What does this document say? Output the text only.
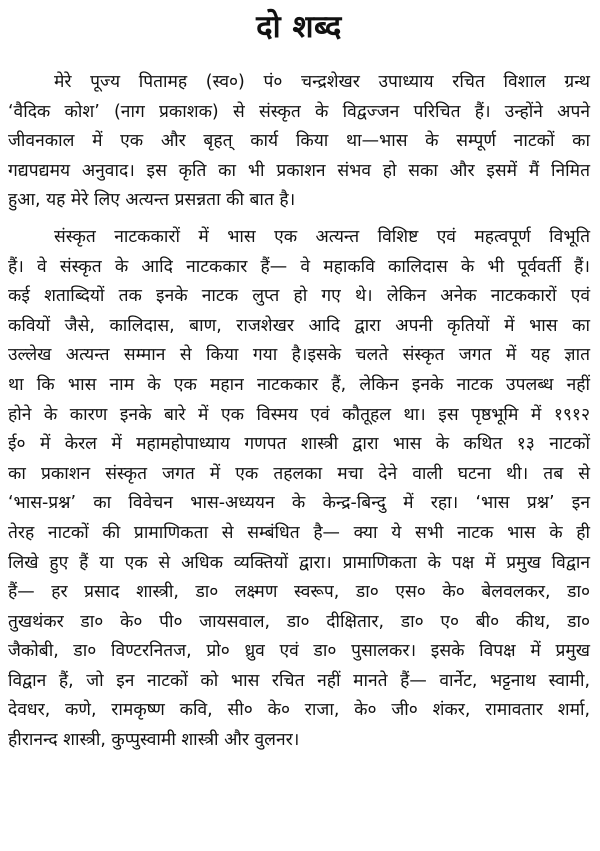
दो शब्द

मेरे पूज्य पितामह (स्व०) पं० चन्द्रशेखर उपाध्याय रचित विशाल ग्रन्थ
‘वैदिक कोश’ (नाग प्रकाशक) से संस्कृत के विद्वज्जन परिचित हैं। उन्होंने अपने
जीवनकाल में एक और बृहत् कार्य किया था—भास के सम्पूर्ण नाटकों का
गद्यपद्यमय अनुवाद। इस कृति का भी प्रकाशन संभव हो सका और इसमें मैं निमित
हुआ, यह मेरे लिए अत्यन्त प्रसन्नता की बात है।

संस्कृत नाटककारों में भास एक अत्यन्त विशिष्ट एवं महत्वपूर्ण विभूति
हैं। वे संस्कृत के आदि नाटककार हैं— वे महाकवि कालिदास के भी पूर्ववर्ती हैं।
कई शताब्दियों तक इनके नाटक लुप्त हो गए थे। लेकिन अनेक नाटककारों एवं
कवियों जैसे, कालिदास, बाण, राजशेखर आदि द्वारा अपनी कृतियों में भास का
उल्लेख अत्यन्त सम्मान से किया गया है।इसके चलते संस्कृत जगत में यह ज्ञात
था कि भास नाम के एक महान नाटककार हैं, लेकिन इनके नाटक उपलब्ध नहीं
होने के कारण इनके बारे में एक विस्मय एवं कौतूहल था। इस पृष्ठभूमि में १९१२
ई० में केरल में महामहोपाध्याय गणपत शास्त्री द्वारा भास के कथित १३ नाटकों
का प्रकाशन संस्कृत जगत में एक तहलका मचा देने वाली घटना थी। तब से
‘भास-प्रश्न’ का विवेचन भास-अध्ययन के केन्द्र-बिन्दु में रहा। ‘भास प्रश्न’ इन
तेरह नाटकों की प्रामाणिकता से सम्बंधित है— क्या ये सभी नाटक भास के ही
लिखे हुए हैं या एक से अधिक व्यक्तियों द्वारा। प्रामाणिकता के पक्ष में प्रमुख विद्वान
हैं— हर प्रसाद शास्त्री, डा० लक्ष्मण स्वरूप, डा० एस० के० बेलवलकर, डा०
तुखथंकर डा० के० पी० जायसवाल, डा० दीक्षितार, डा० ए० बी० कीथ, डा०
जैकोबी, डा० विण्टरनितज, प्रो० ध्रुव एवं डा० पुसालकर। इसके विपक्ष में प्रमुख
विद्वान हैं, जो इन नाटकों को भास रचित नहीं मानते हैं— वार्नेट, भट्टनाथ स्वामी,
देवधर, कणे, रामकृष्ण कवि, सी० के० राजा, के० जी० शंकर, रामावतार शर्मा,
हीरानन्द शास्त्री, कुप्पुस्वामी शास्त्री और वुलनर।
